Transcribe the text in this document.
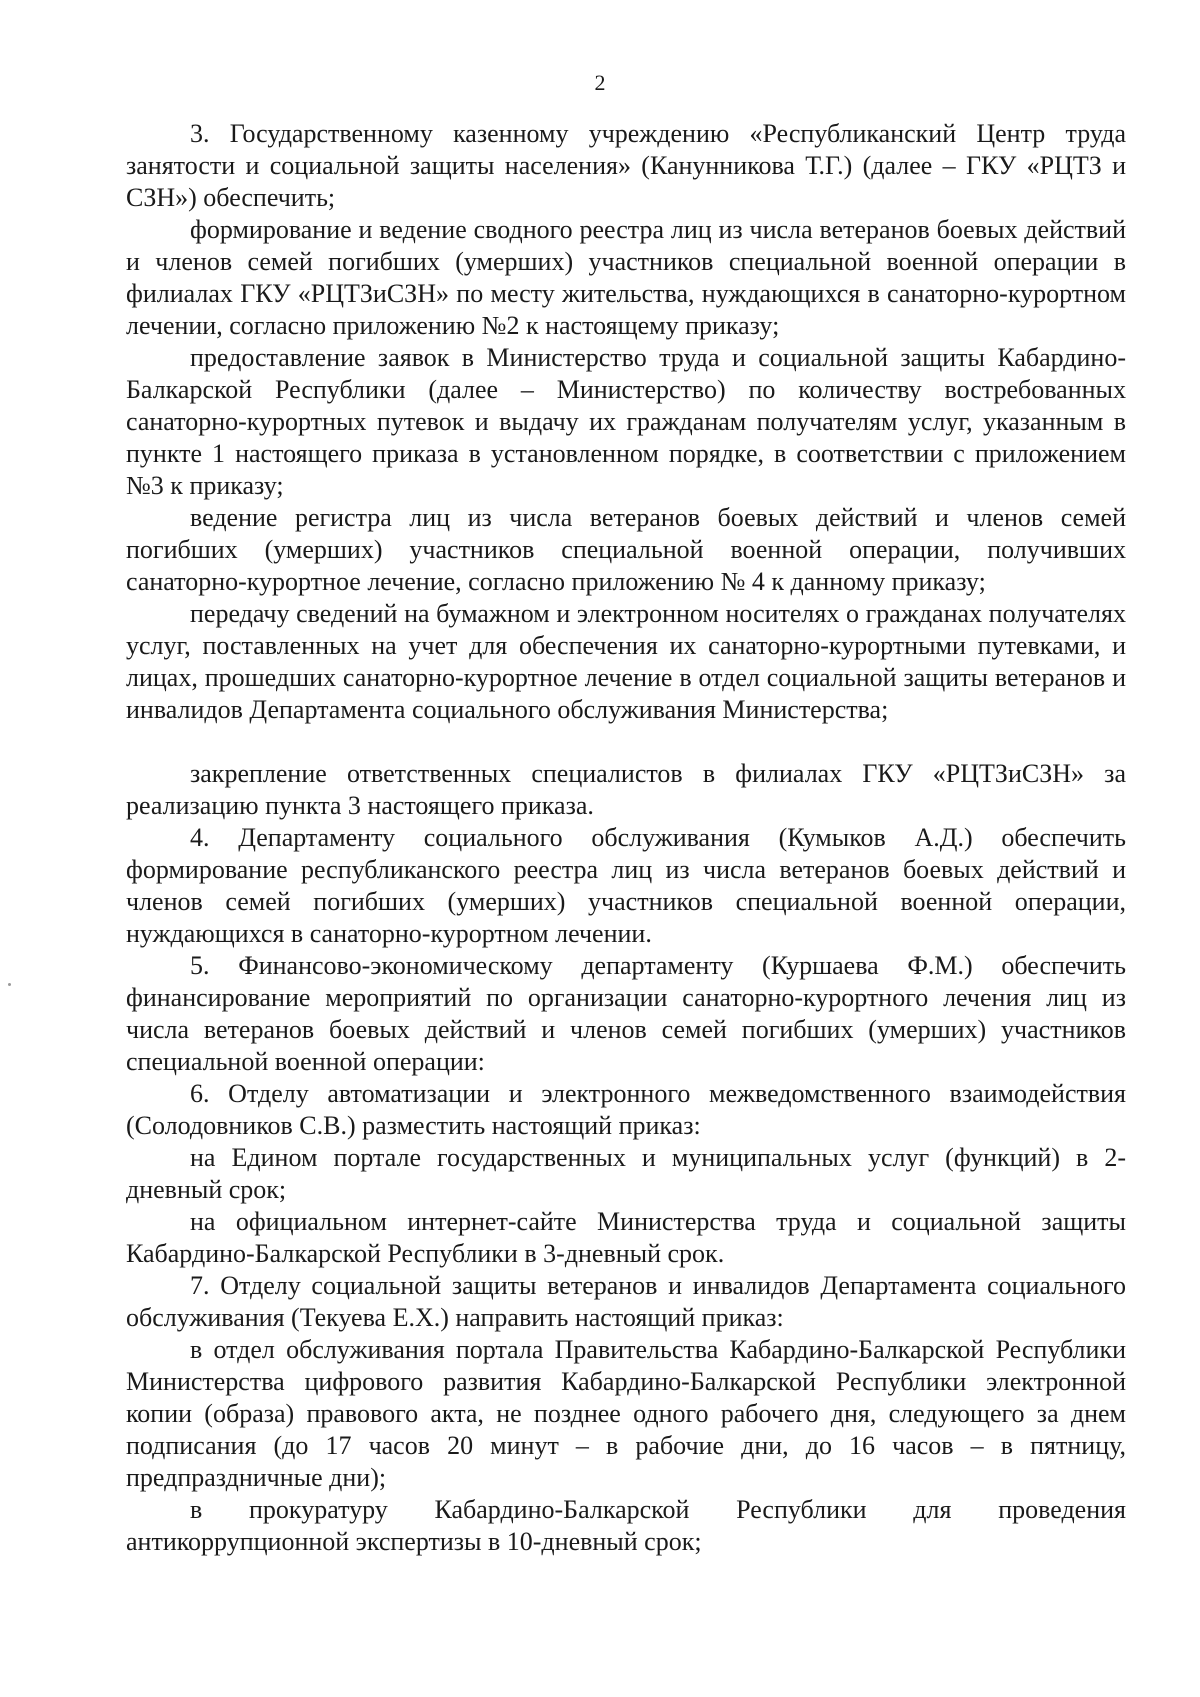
2

3. Государственному казенному учреждению «Республиканский Центр труда занятости и социальной защиты населения» (Канунникова Т.Г.) (далее – ГКУ «РЦТЗ и СЗН») обеспечить;

формирование и ведение сводного реестра лиц из числа ветеранов боевых действий и членов семей погибших (умерших) участников специальной военной операции в филиалах ГКУ «РЦТЗиСЗН» по месту жительства, нуждающихся в санаторно-курортном лечении, согласно приложению №2 к настоящему приказу;

предоставление заявок в Министерство труда и социальной защиты Кабардино-Балкарской Республики (далее – Министерство) по количеству востребованных санаторно-курортных путевок и выдачу их гражданам получателям услуг, указанным в пункте 1 настоящего приказа в установленном порядке, в соответствии с приложением №3 к приказу;

ведение регистра лиц из числа ветеранов боевых действий и членов семей погибших (умерших) участников специальной военной операции, получивших санаторно-курортное лечение, согласно приложению № 4 к данному приказу;

передачу сведений на бумажном и электронном носителях о гражданах получателях услуг, поставленных на учет для обеспечения их санаторно-курортными путевками, и лицах, прошедших санаторно-курортное лечение в отдел социальной защиты ветеранов и инвалидов Департамента социального обслуживания Министерства;

закрепление ответственных специалистов в филиалах ГКУ «РЦТЗиСЗН» за реализацию пункта 3 настоящего приказа.

4. Департаменту социального обслуживания (Кумыков А.Д.) обеспечить формирование республиканского реестра лиц из числа ветеранов боевых действий и членов семей погибших (умерших) участников специальной военной операции, нуждающихся в санаторно-курортном лечении.

5. Финансово-экономическому департаменту (Куршаева Ф.М.) обеспечить финансирование мероприятий по организации санаторно-курортного лечения лиц из числа ветеранов боевых действий и членов семей погибших (умерших) участников специальной военной операции:

6. Отделу автоматизации и электронного межведомственного взаимодействия (Солодовников С.В.) разместить настоящий приказ:

на Едином портале государственных и муниципальных услуг (функций) в 2-дневный срок;

на официальном интернет-сайте Министерства труда и социальной защиты Кабардино-Балкарской Республики в 3-дневный срок.

7. Отделу социальной защиты ветеранов и инвалидов Департамента социального обслуживания (Текуева Е.Х.) направить настоящий приказ:

в отдел обслуживания портала Правительства Кабардино-Балкарской Республики Министерства цифрового развития Кабардино-Балкарской Республики электронной копии (образа) правового акта, не позднее одного рабочего дня, следующего за днем подписания (до 17 часов 20 минут – в рабочие дни, до 16 часов – в пятницу, предпраздничные дни);

в прокуратуру Кабардино-Балкарской Республики для проведения антикоррупционной экспертизы в 10-дневный срок;
